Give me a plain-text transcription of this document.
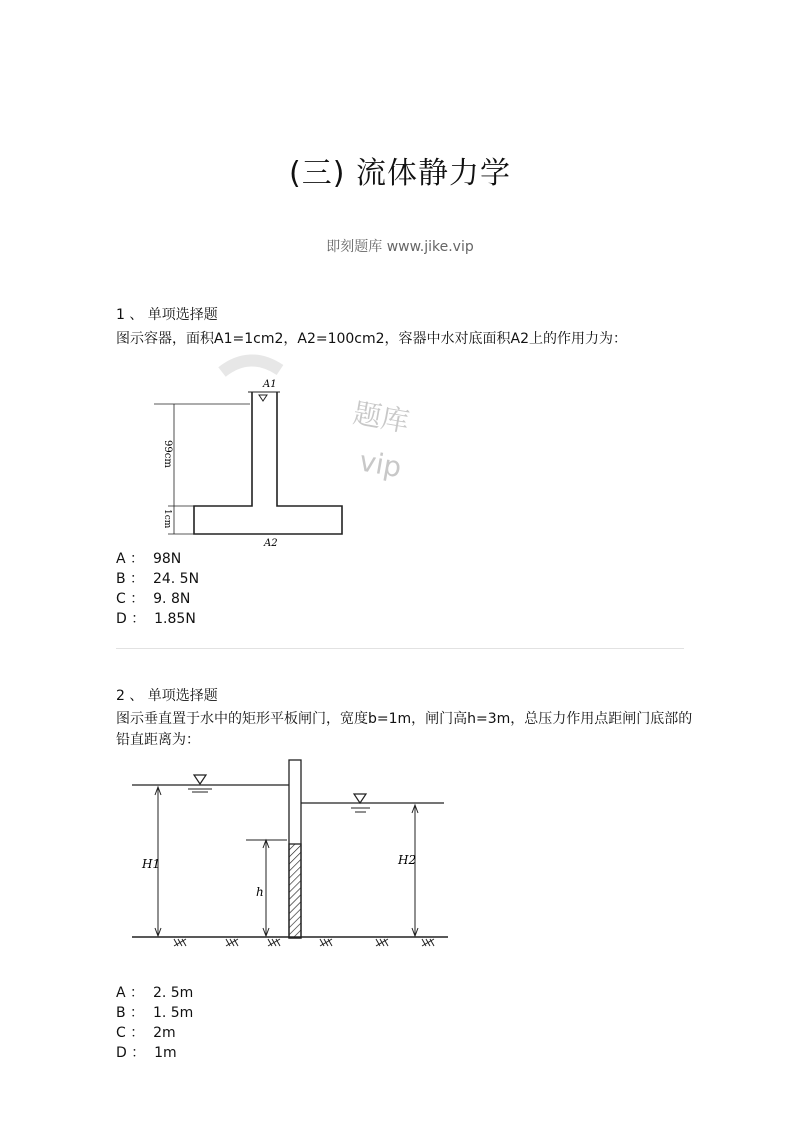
(三) 流体静力学
即刻题库 www.jike.vip
1 、 单项选择题
图示容器，面积A1=1cm2，A2=100cm2，容器中水对底面积A2上的作用力为：
题库
vip
A1
99cm
1cm
A2
A ：  98N
B ：  24. 5N
C ：  9. 8N
D ：  1.85N
2 、 单项选择题
图示垂直置于水中的矩形平板闸门，宽度b=1m，闸门高h=3m，总压力作用点距闸门底部的铅直距离为：
h
H1	H2
A ：  2. 5m
B ：  1. 5m
C ：  2m
D ：  1m
